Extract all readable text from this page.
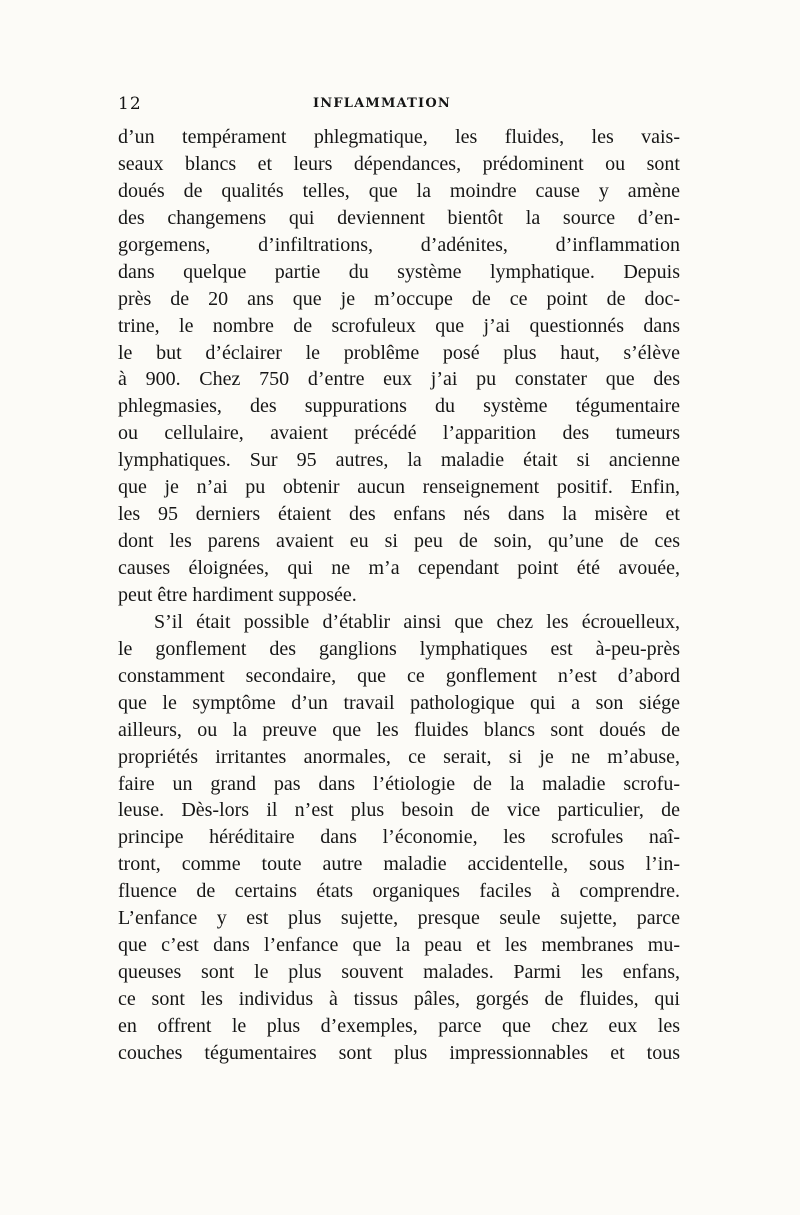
12	INFLAMMATION
d’un tempérament phlegmatique, les fluides, les vais-
seaux blancs et leurs dépendances, prédominent ou sont
doués de qualités telles, que la moindre cause y amène
des changemens qui deviennent bientôt la source d’en-
gorgemens, d’infiltrations, d’adénites, d’inflammation
dans quelque partie du système lymphatique. Depuis
près de 20 ans que je m’occupe de ce point de doc-
trine, le nombre de scrofuleux que j’ai questionnés dans
le but d’éclairer le problême posé plus haut, s’élève
à 900. Chez 750 d’entre eux j’ai pu constater que des
phlegmasies, des suppurations du système tégumentaire
ou cellulaire, avaient précédé l’apparition des tumeurs
lymphatiques. Sur 95 autres, la maladie était si ancienne
que je n’ai pu obtenir aucun renseignement positif. Enfin,
les 95 derniers étaient des enfans nés dans la misère et
dont les parens avaient eu si peu de soin, qu’une de ces
causes éloignées, qui ne m’a cependant point été avouée,
peut être hardiment supposée.
S’il était possible d’établir ainsi que chez les écrouelleux,
le gonflement des ganglions lymphatiques est à-peu-près
constamment secondaire, que ce gonflement n’est d’abord
que le symptôme d’un travail pathologique qui a son siége
ailleurs, ou la preuve que les fluides blancs sont doués de
propriétés irritantes anormales, ce serait, si je ne m’abuse,
faire un grand pas dans l’étiologie de la maladie scrofu-
leuse. Dès-lors il n’est plus besoin de vice particulier, de
principe héréditaire dans l’économie, les scrofules naî-
tront, comme toute autre maladie accidentelle, sous l’in-
fluence de certains états organiques faciles à comprendre.
L’enfance y est plus sujette, presque seule sujette, parce
que c’est dans l’enfance que la peau et les membranes mu-
queuses sont le plus souvent malades. Parmi les enfans,
ce sont les individus à tissus pâles, gorgés de fluides, qui
en offrent le plus d’exemples, parce que chez eux les
couches tégumentaires sont plus impressionnables et tous
